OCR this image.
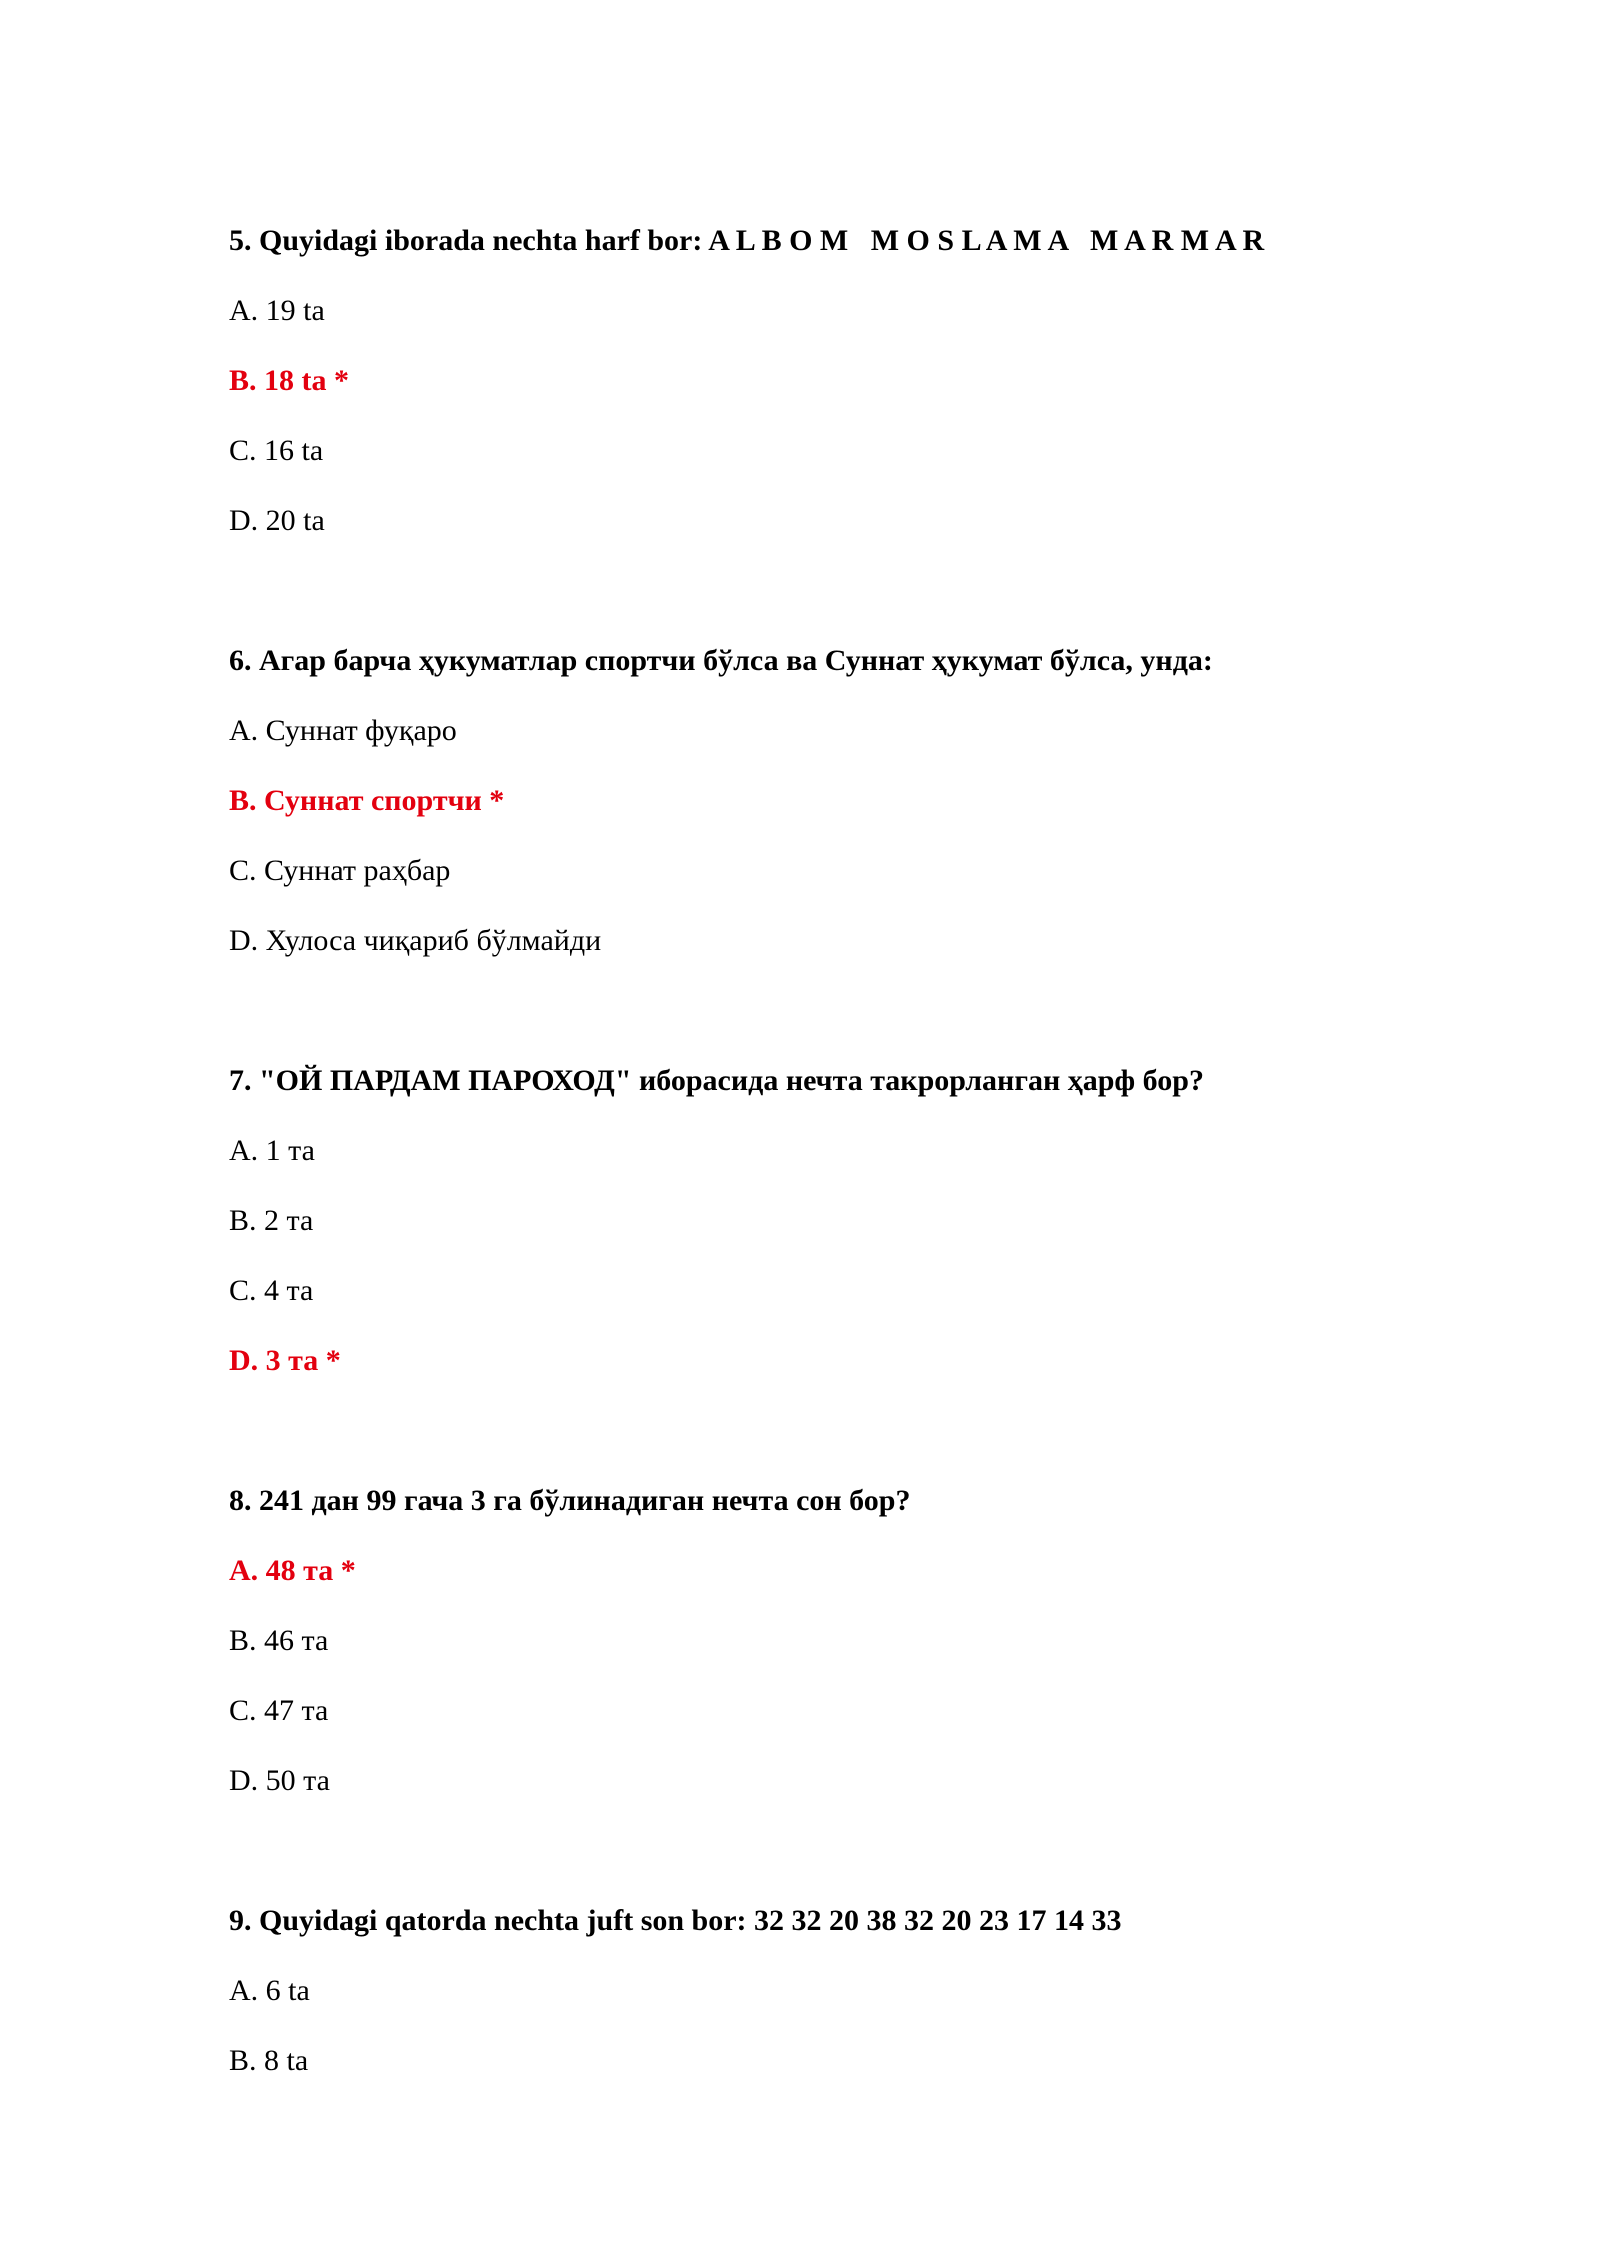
5. Quyidagi iborada nechta harf bor: A L B O M   M O S L A M A   M A R M A R
A. 19 ta
B. 18 ta *
C. 16 ta
D. 20 ta
6. Агар барча ҳукуматлар спортчи бўлса ва Суннат ҳукумат бўлса, унда:
A. Суннат фуқаро
B. Суннат спортчи *
C. Суннат раҳбар
D. Хулоса чиқариб бўлмайди
7. "ОЙ ПАРДАМ ПАРОХОД" иборасида нечта такрорланган ҳарф бор?
A. 1 та
B. 2 та
C. 4 та
D. 3 та *
8. 241 дан 99 гача 3 га бўлинадиган нечта сон бор?
A. 48 та *
B. 46 та
C. 47 та
D. 50 та
9. Quyidagi qatorda nechta juft son bor: 32 32 20 38 32 20 23 17 14 33
A. 6 ta
B. 8 ta
